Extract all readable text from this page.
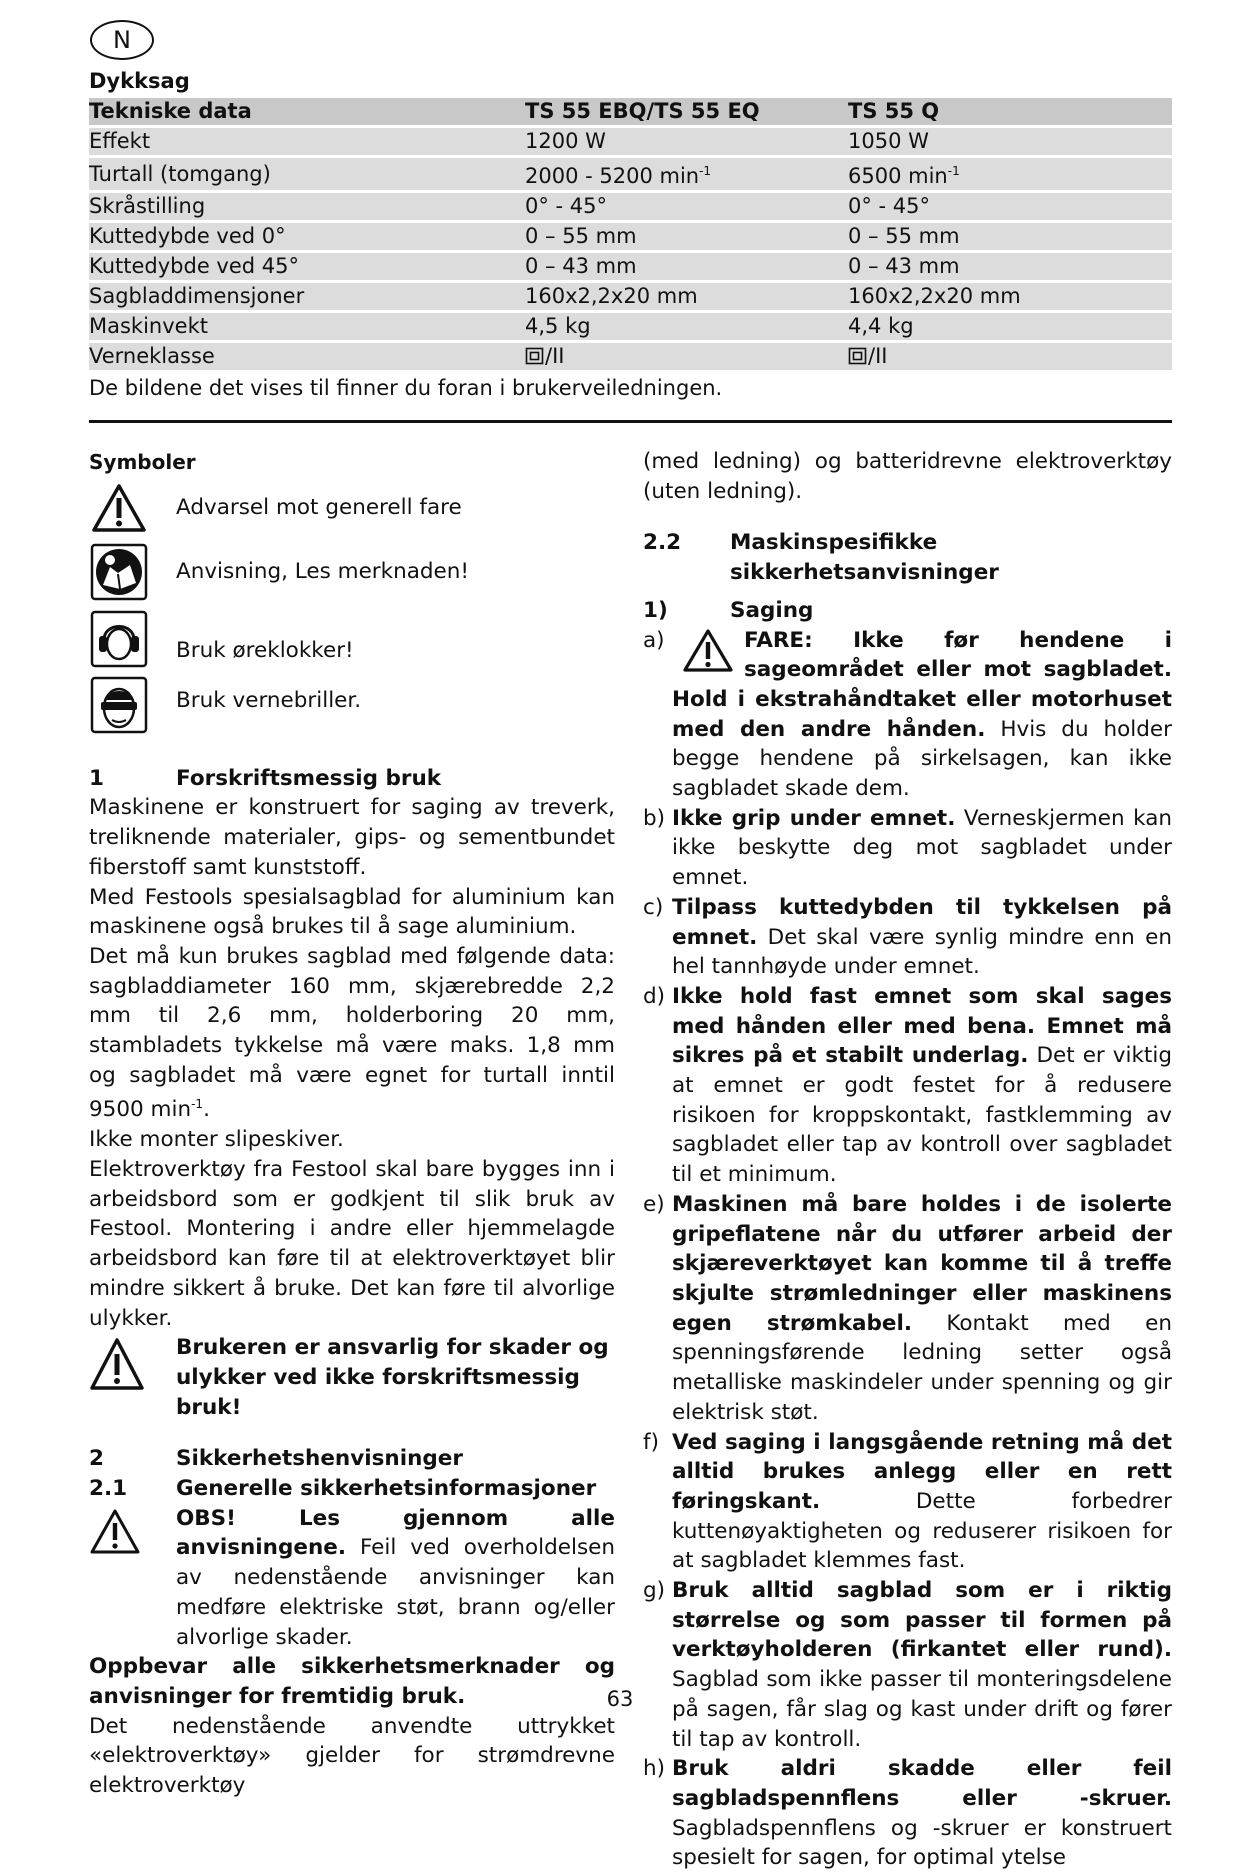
N
Dykksag
Tekniske data	TS 55 EBQ/TS 55 EQ	TS 55 Q
Effekt	1200 W	1050 W
Turtall (tomgang)	2000 - 5200 $\min^{-1}$	6500 $\min^{-1}$
Skråstilling	0° - 45°	0° - 45°
Kuttedybde ved 0°	0 – 55 mm	0 – 55 mm
Kuttedybde ved 45°	0 – 43 mm	0 – 43 mm
Sagbladdimensjoner	160x2,2x20 mm	160x2,2x20 mm
Maskinvekt	4,5 kg	4,4 kg
Verneklasse	/II	/II
De bildene det vises til finner du foran i brukerveiledningen.
Symboler
Advarsel mot generell fare
Anvisning, Les merknaden!
Bruk øreklokker!
Bruk vernebriller.
1	Forskriftsmessig bruk

Maskinene er konstruert for saging av treverk, treliknende materialer, gips- og sementbundet fiberstoff samt kunststoff.

Med Festools spesialsagblad for aluminium kan maskinene også brukes til å sage aluminium.

Det må kun brukes sagblad med følgende data: sagbladdiameter 160 mm, skjærebredde 2,2 mm til 2,6 mm, holderboring 20 mm, stambladets tykkelse må være maks. 1,8 mm og sagbladet må være egnet for turtall inntil 9500 $\min^{-1}$.

Ikke monter slipeskiver.

Elektroverktøy fra Festool skal bare bygges inn i arbeidsbord som er godkjent til slik bruk av Festool. Montering i andre eller hjemmelagde arbeidsbord kan føre til at elektroverktøyet blir mindre sikkert å bruke. Det kan føre til alvorlige ulykker.

Brukeren er ansvarlig for skader og ulykker ved ikke forskriftsmessig bruk!

2	Sikkerhetshenvisninger
2.1	Generelle sikkerhetsinformasjoner

OBS! Les gjennom alle anvisningene. Feil ved overholdelsen av nedenstående anvisninger kan medføre elektriske støt, brann og/eller alvorlige skader.

Oppbevar alle sikkerhetsmerknader og anvisninger for fremtidig bruk.

Det nedenstående anvendte uttrykket «elektroverktøy» gjelder for strømdrevne elektroverktøy

(med ledning) og batteridrevne elektroverktøy (uten ledning).

2.2	Maskinspesifikke sikkerhetsanvisninger
1)	Saging
a)	FARE: Ikke før hendene i sageområdet eller mot sagbladet. Hold i ekstrahåndtaket eller motorhuset med den andre hånden. Hvis du holder begge hendene på sirkelsagen, kan ikke sagbladet skade dem.
b) Ikke grip under emnet. Verneskjermen kan ikke beskytte deg mot sagbladet under emnet.
c) Tilpass kuttedybden til tykkelsen på emnet. Det skal være synlig mindre enn en hel tannhøyde under emnet.
d) Ikke hold fast emnet som skal sages med hånden eller med bena. Emnet må sikres på et stabilt underlag. Det er viktig at emnet er godt festet for å redusere risikoen for kroppskontakt, fastklemming av sagbladet eller tap av kontroll over sagbladet til et minimum.
e) Maskinen må bare holdes i de isolerte gripeflatene når du utfører arbeid der skjæreverktøyet kan komme til å treffe skjulte strømledninger eller maskinens egen strømkabel. Kontakt med en spenningsførende ledning setter også metalliske maskindeler under spenning og gir elektrisk støt.
f) Ved saging i langsgående retning må det alltid brukes anlegg eller en rett føringskant.	Dette forbedrer kuttenøyaktigheten og reduserer risikoen for at sagbladet klemmes fast.
g) Bruk alltid sagblad som er i riktig størrelse og som passer til formen på verktøyholderen (firkantet eller rund). Sagblad som ikke passer til monteringsdelene på sagen, får slag og kast under drift og fører til tap av kontroll.
h) Bruk aldri skadde eller feil sagbladspennflens eller -skruer. Sagbladspennflens og -skruer er konstruert spesielt for sagen, for optimal ytelse
63
